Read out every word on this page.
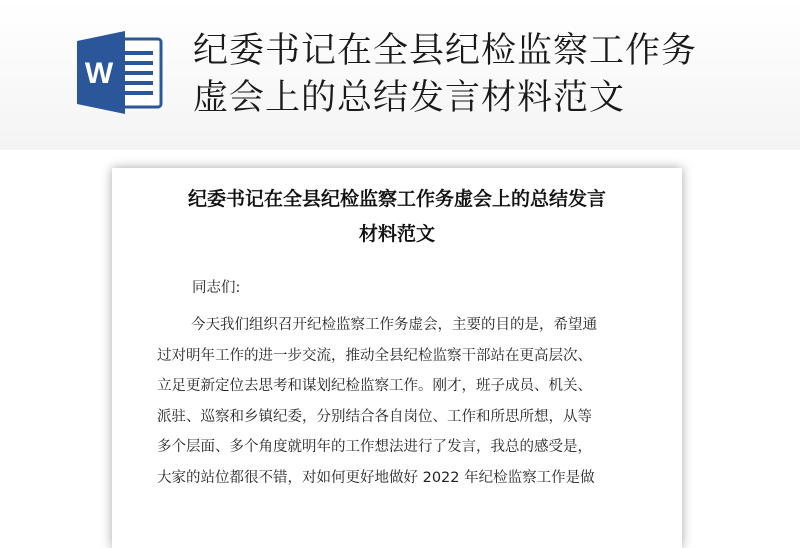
W
纪委书记在全县纪检监察工作务
虚会上的总结发言材料范文
纪委书记在全县纪检监察工作务虚会上的总结发言
材料范文
同志们:
今天我们组织召开纪检监察工作务虚会，主要的目的是，希望通
过对明年工作的进一步交流，推动全县纪检监察干部站在更高层次、
立足更新定位去思考和谋划纪检监察工作。刚才，班子成员、机关、
派驻、巡察和乡镇纪委，分别结合各自岗位、工作和所思所想，从等
多个层面、多个角度就明年的工作想法进行了发言，我总的感受是，
大家的站位都很不错，对如何更好地做好 2022 年纪检监察工作是做
